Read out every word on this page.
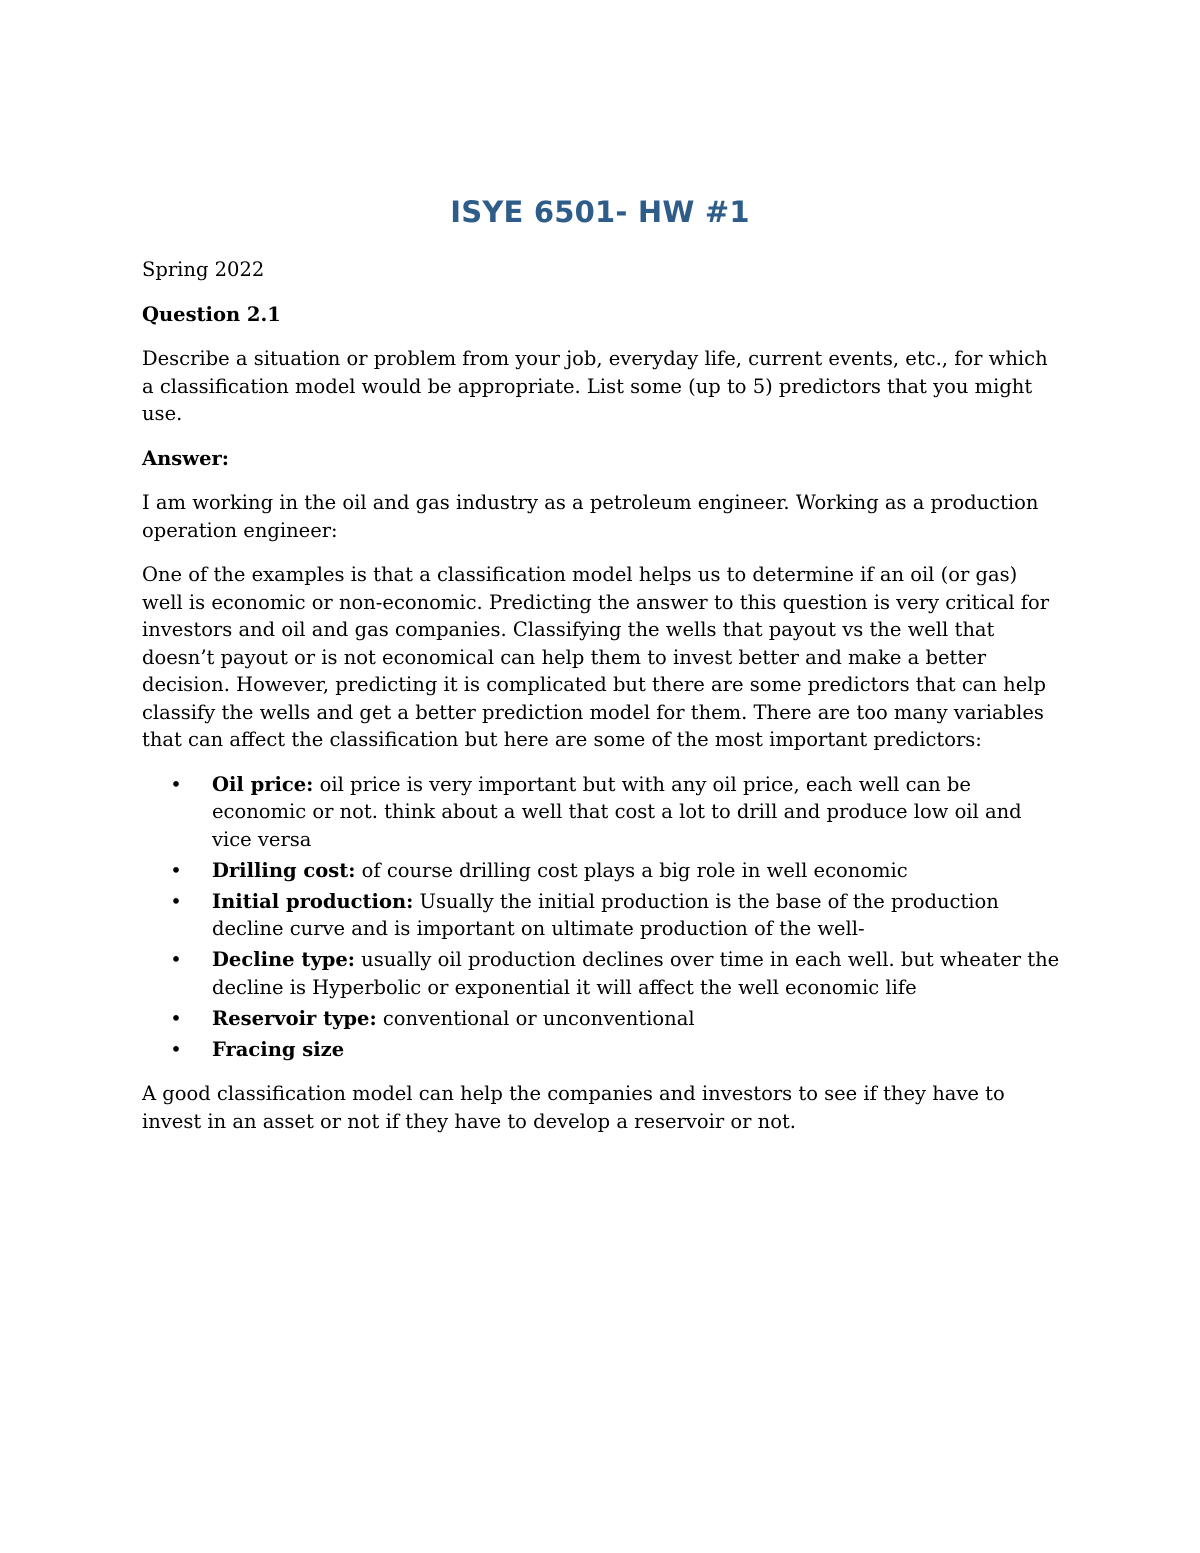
ISYE 6501- HW #1

Spring 2022

Question 2.1

Describe a situation or problem from your job, everyday life, current events, etc., for which a classification model would be appropriate. List some (up to 5) predictors that you might use.

Answer:

I am working in the oil and gas industry as a petroleum engineer. Working as a production operation engineer:

One of the examples is that a classification model helps us to determine if an oil (or gas) well is economic or non-economic. Predicting the answer to this question is very critical for investors and oil and gas companies. Classifying the wells that payout vs the well that doesn’t payout or is not economical can help them to invest better and make a better decision. However, predicting it is complicated but there are some predictors that can help classify the wells and get a better prediction model for them. There are too many variables that can affect the classification but here are some of the most important predictors:

• Oil price: oil price is very important but with any oil price, each well can be economic or not. think about a well that cost a lot to drill and produce low oil and vice versa
• Drilling cost: of course drilling cost plays a big role in well economic
• Initial production: Usually the initial production is the base of the production decline curve and is important on ultimate production of the well-
• Decline type: usually oil production declines over time in each well. but wheater the decline is Hyperbolic or exponential it will affect the well economic life
• Reservoir type: conventional or unconventional
• Fracing size

A good classification model can help the companies and investors to see if they have to invest in an asset or not if they have to develop a reservoir or not.
